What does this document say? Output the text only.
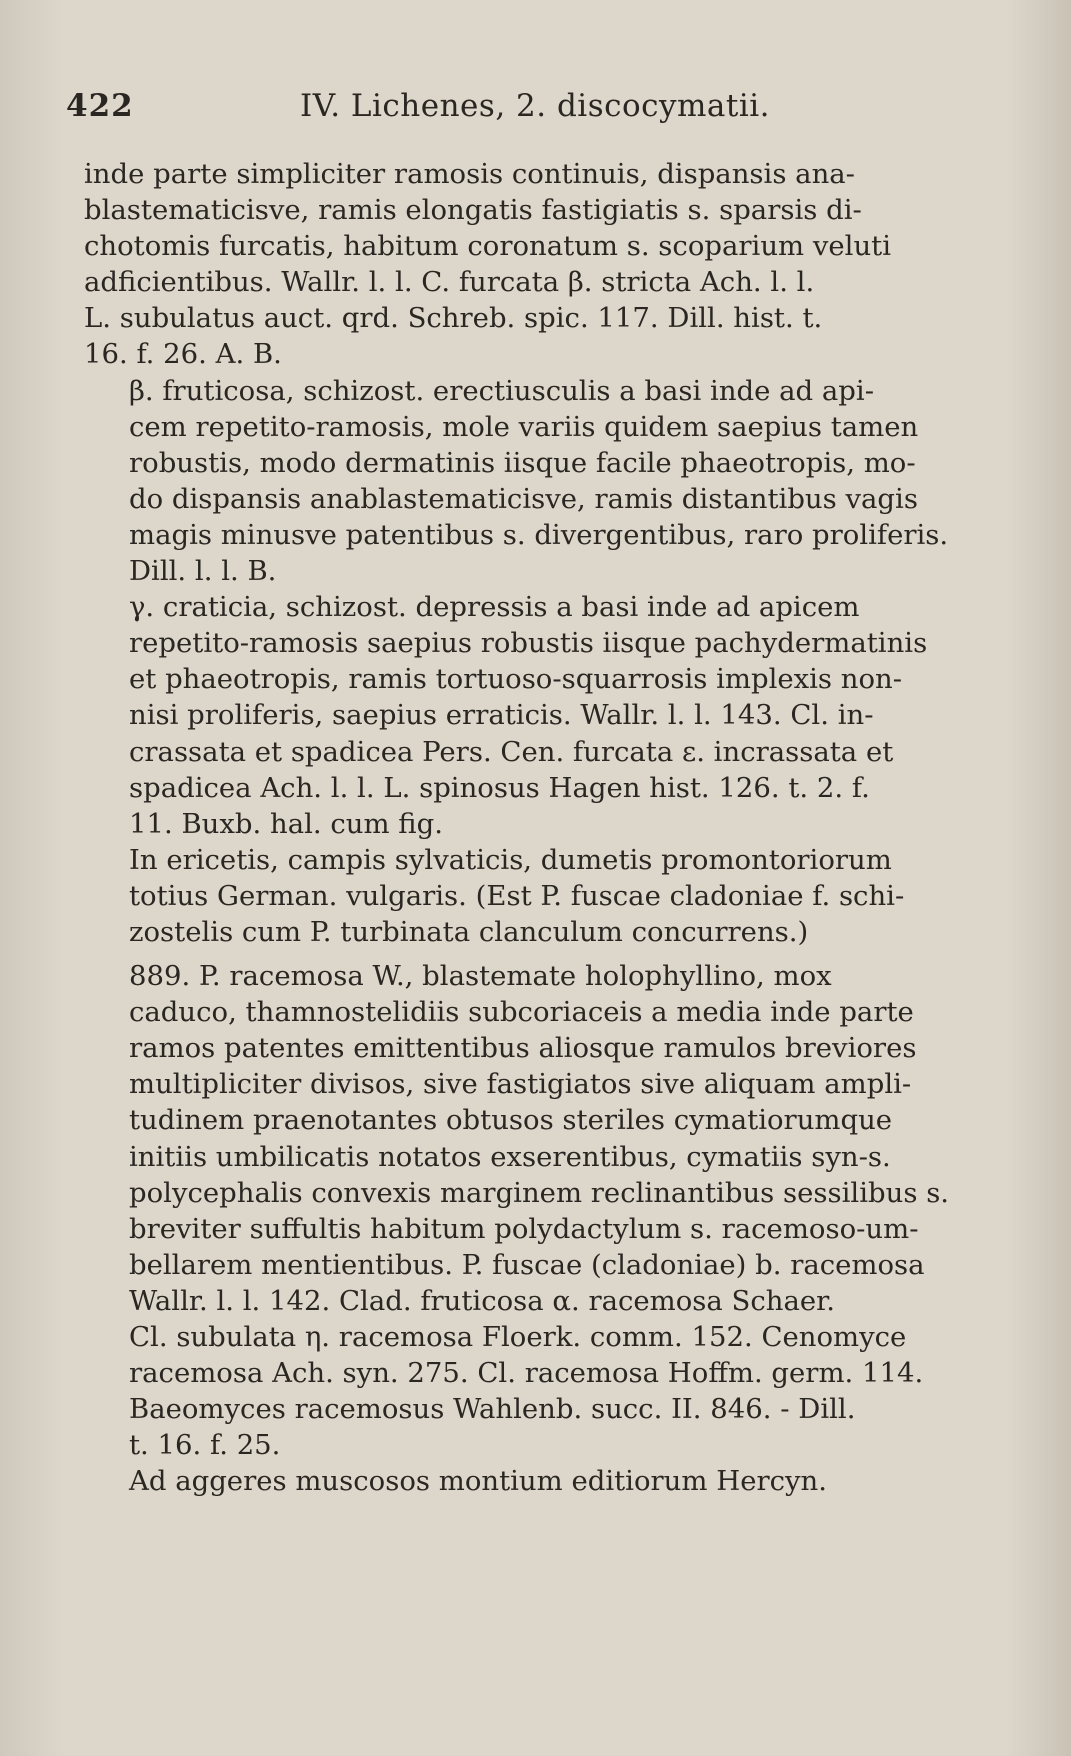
422	IV. Lichenes, 2. discocymatii.

inde parte simpliciter ramosis continuis, dispansis ana-
blastematicisve, ramis elongatis fastigiatis s. sparsis di-
chotomis furcatis, habitum coronatum s. scoparium veluti
adficientibus. Wallr. l. l. C. furcata β. stricta Ach. l. l.
L. subulatus auct. qrd. Schreb. spic. 117. Dill. hist. t.
16. f. 26. A. B.

β. fruticosa, schizost. erectiusculis a basi inde ad api-
cem repetito-ramosis, mole variis quidem saepius tamen
robustis, modo dermatinis iisque facile phaeotropis, mo-
do dispansis anablastematicisve, ramis distantibus vagis
magis minusve patentibus s. divergentibus, raro proliferis.
Dill. l. l. B.

γ. craticia, schizost. depressis a basi inde ad apicem
repetito-ramosis saepius robustis iisque pachydermatinis
et phaeotropis, ramis tortuoso-squarrosis implexis non-
nisi proliferis, saepius erraticis. Wallr. l. l. 143. Cl. in-
crassata et spadicea Pers. Cen. furcata ε. incrassata et
spadicea Ach. l. l. L. spinosus Hagen hist. 126. t. 2. f.
11. Buxb. hal. cum fig.

In ericetis, campis sylvaticis, dumetis promontoriorum
totius German. vulgaris. (Est P. fuscae cladoniae f. schi-
zostelis cum P. turbinata clanculum concurrens.)

889. P. racemosa W., blastemate holophyllino, mox
caduco, thamnostelidiis subcoriaceis a media inde parte
ramos patentes emittentibus aliosque ramulos breviores
multipliciter divisos, sive fastigiatos sive aliquam ampli-
tudinem praenotantes obtusos steriles cymatiorumque
initiis umbilicatis notatos exserentibus, cymatiis syn-s.
polycephalis convexis marginem reclinantibus sessilibus s.
breviter suffultis habitum polydactylum s. racemoso-um-
bellarem mentientibus. P. fuscae (cladoniae) b. racemosa
Wallr. l. l. 142. Clad. fruticosa α. racemosa Schaer.
Cl. subulata η. racemosa Floerk. comm. 152. Cenomyce
racemosa Ach. syn. 275. Cl. racemosa Hoffm. germ. 114.
Baeomyces racemosus Wahlenb. succ. II. 846. - Dill.
t. 16. f. 25.

Ad aggeres muscosos montium editiorum Hercyn.
